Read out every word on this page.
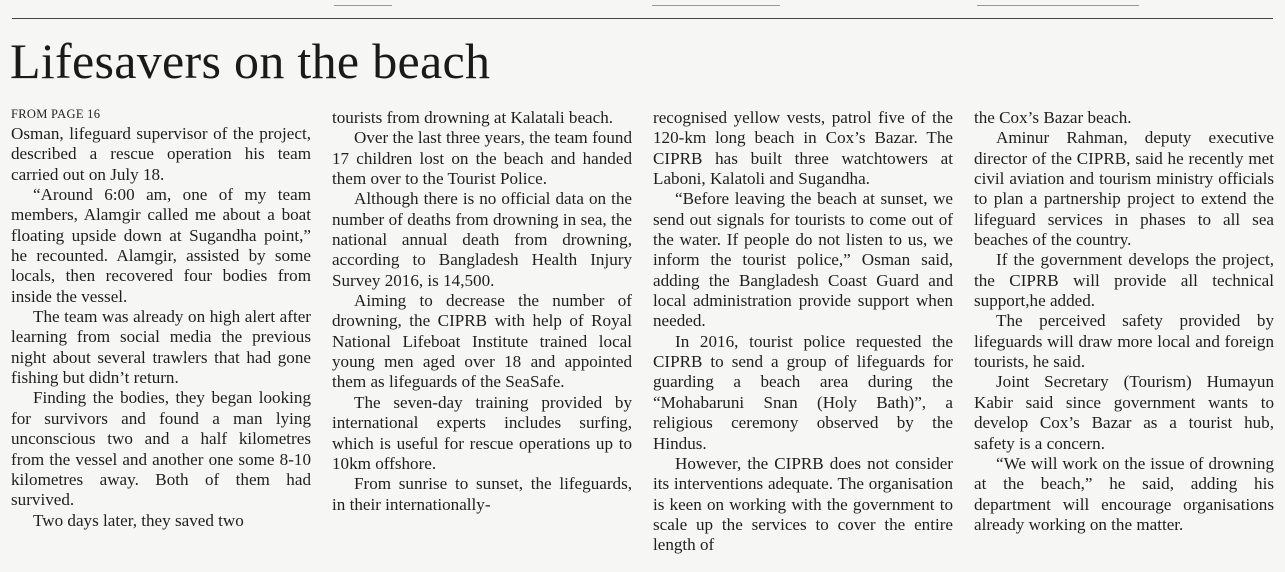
Lifesavers on the beach
FROM PAGE 16

Osman, lifeguard supervisor of the project, described a rescue operation his team carried out on July 18.

“Around 6:00 am, one of my team members, Alamgir called me about a boat floating upside down at Sugandha point,” he recounted. Alamgir, assisted by some locals, then recovered four bodies from inside the vessel.

The team was already on high alert after learning from social media the previous night about several trawlers that had gone fishing but didn’t return.

Finding the bodies, they began looking for survivors and found a man lying unconscious two and a half kilometres from the vessel and another one some 8-10 kilometres away. Both of them had survived.

Two days later, they saved two

tourists from drowning at Kalatali beach.

Over the last three years, the team found 17 children lost on the beach and handed them over to the Tourist Police.

Although there is no official data on the number of deaths from drowning in sea, the national annual death from drowning, according to Bangladesh Health Injury Survey 2016, is 14,500.

Aiming to decrease the number of drowning, the CIPRB with help of Royal National Lifeboat Institute trained local young men aged over 18 and appointed them as lifeguards of the SeaSafe.

The seven-day training provided by international experts includes surfing, which is useful for rescue operations up to 10km offshore.

From sunrise to sunset, the lifeguards, in their internationally-

recognised yellow vests, patrol five of the 120-km long beach in Cox’s Bazar. The CIPRB has built three watchtowers at Laboni, Kalatoli and Sugandha.

“Before leaving the beach at sunset, we send out signals for tourists to come out of the water. If people do not listen to us, we inform the tourist police,” Osman said, adding the Bangladesh Coast Guard and local administration provide support when needed.

In 2016, tourist police requested the CIPRB to send a group of lifeguards for guarding a beach area during the “Mohabaruni Snan (Holy Bath)”, a religious ceremony observed by the Hindus.

However, the CIPRB does not consider its interventions adequate. The organisation is keen on working with the government to scale up the services to cover the entire length of

the Cox’s Bazar beach.

Aminur Rahman, deputy executive director of the CIPRB, said he recently met civil aviation and tourism ministry officials to plan a partnership project to extend the lifeguard services in phases to all sea beaches of the country.

If the government develops the project, the CIPRB will provide all technical support,he added.

The perceived safety provided by lifeguards will draw more local and foreign tourists, he said.

Joint Secretary (Tourism) Humayun Kabir said since government wants to develop Cox’s Bazar as a tourist hub, safety is a concern.

“We will work on the issue of drowning at the beach,” he said, adding his department will encourage organisations already working on the matter.
